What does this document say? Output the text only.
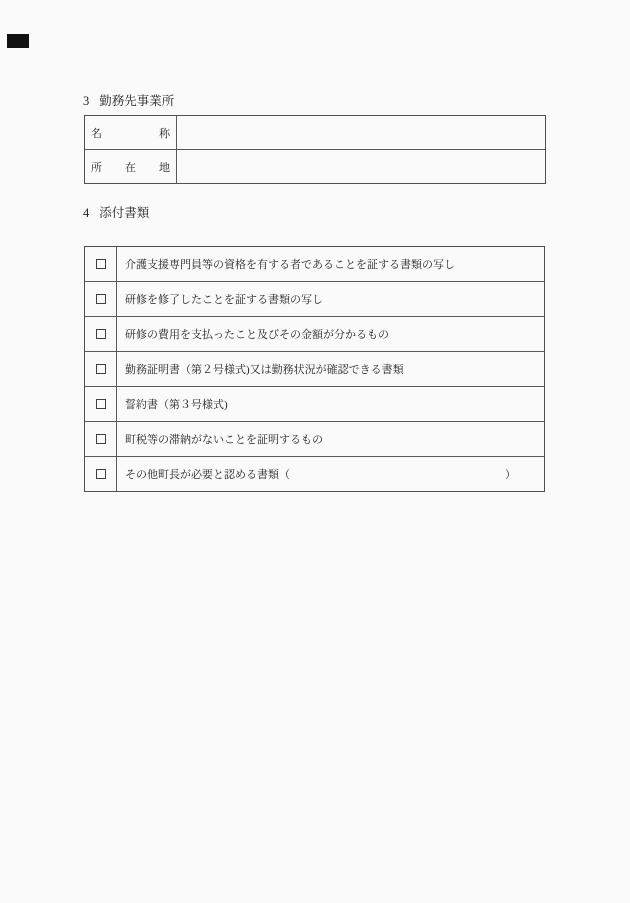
3 勤務先事業所
名	称
所 在 地
4 添付書類
介護支援専門員等の資格を有する者であることを証する書類の写し
研修を修了したことを証する書類の写し
研修の費用を支払ったこと及びその金額が分かるもの
勤務証明書（第２号様式)又は勤務状況が確認できる書類
誓約書（第３号様式)
町税等の滞納がないことを証明するもの
その他町長が必要と認める書類（	）
